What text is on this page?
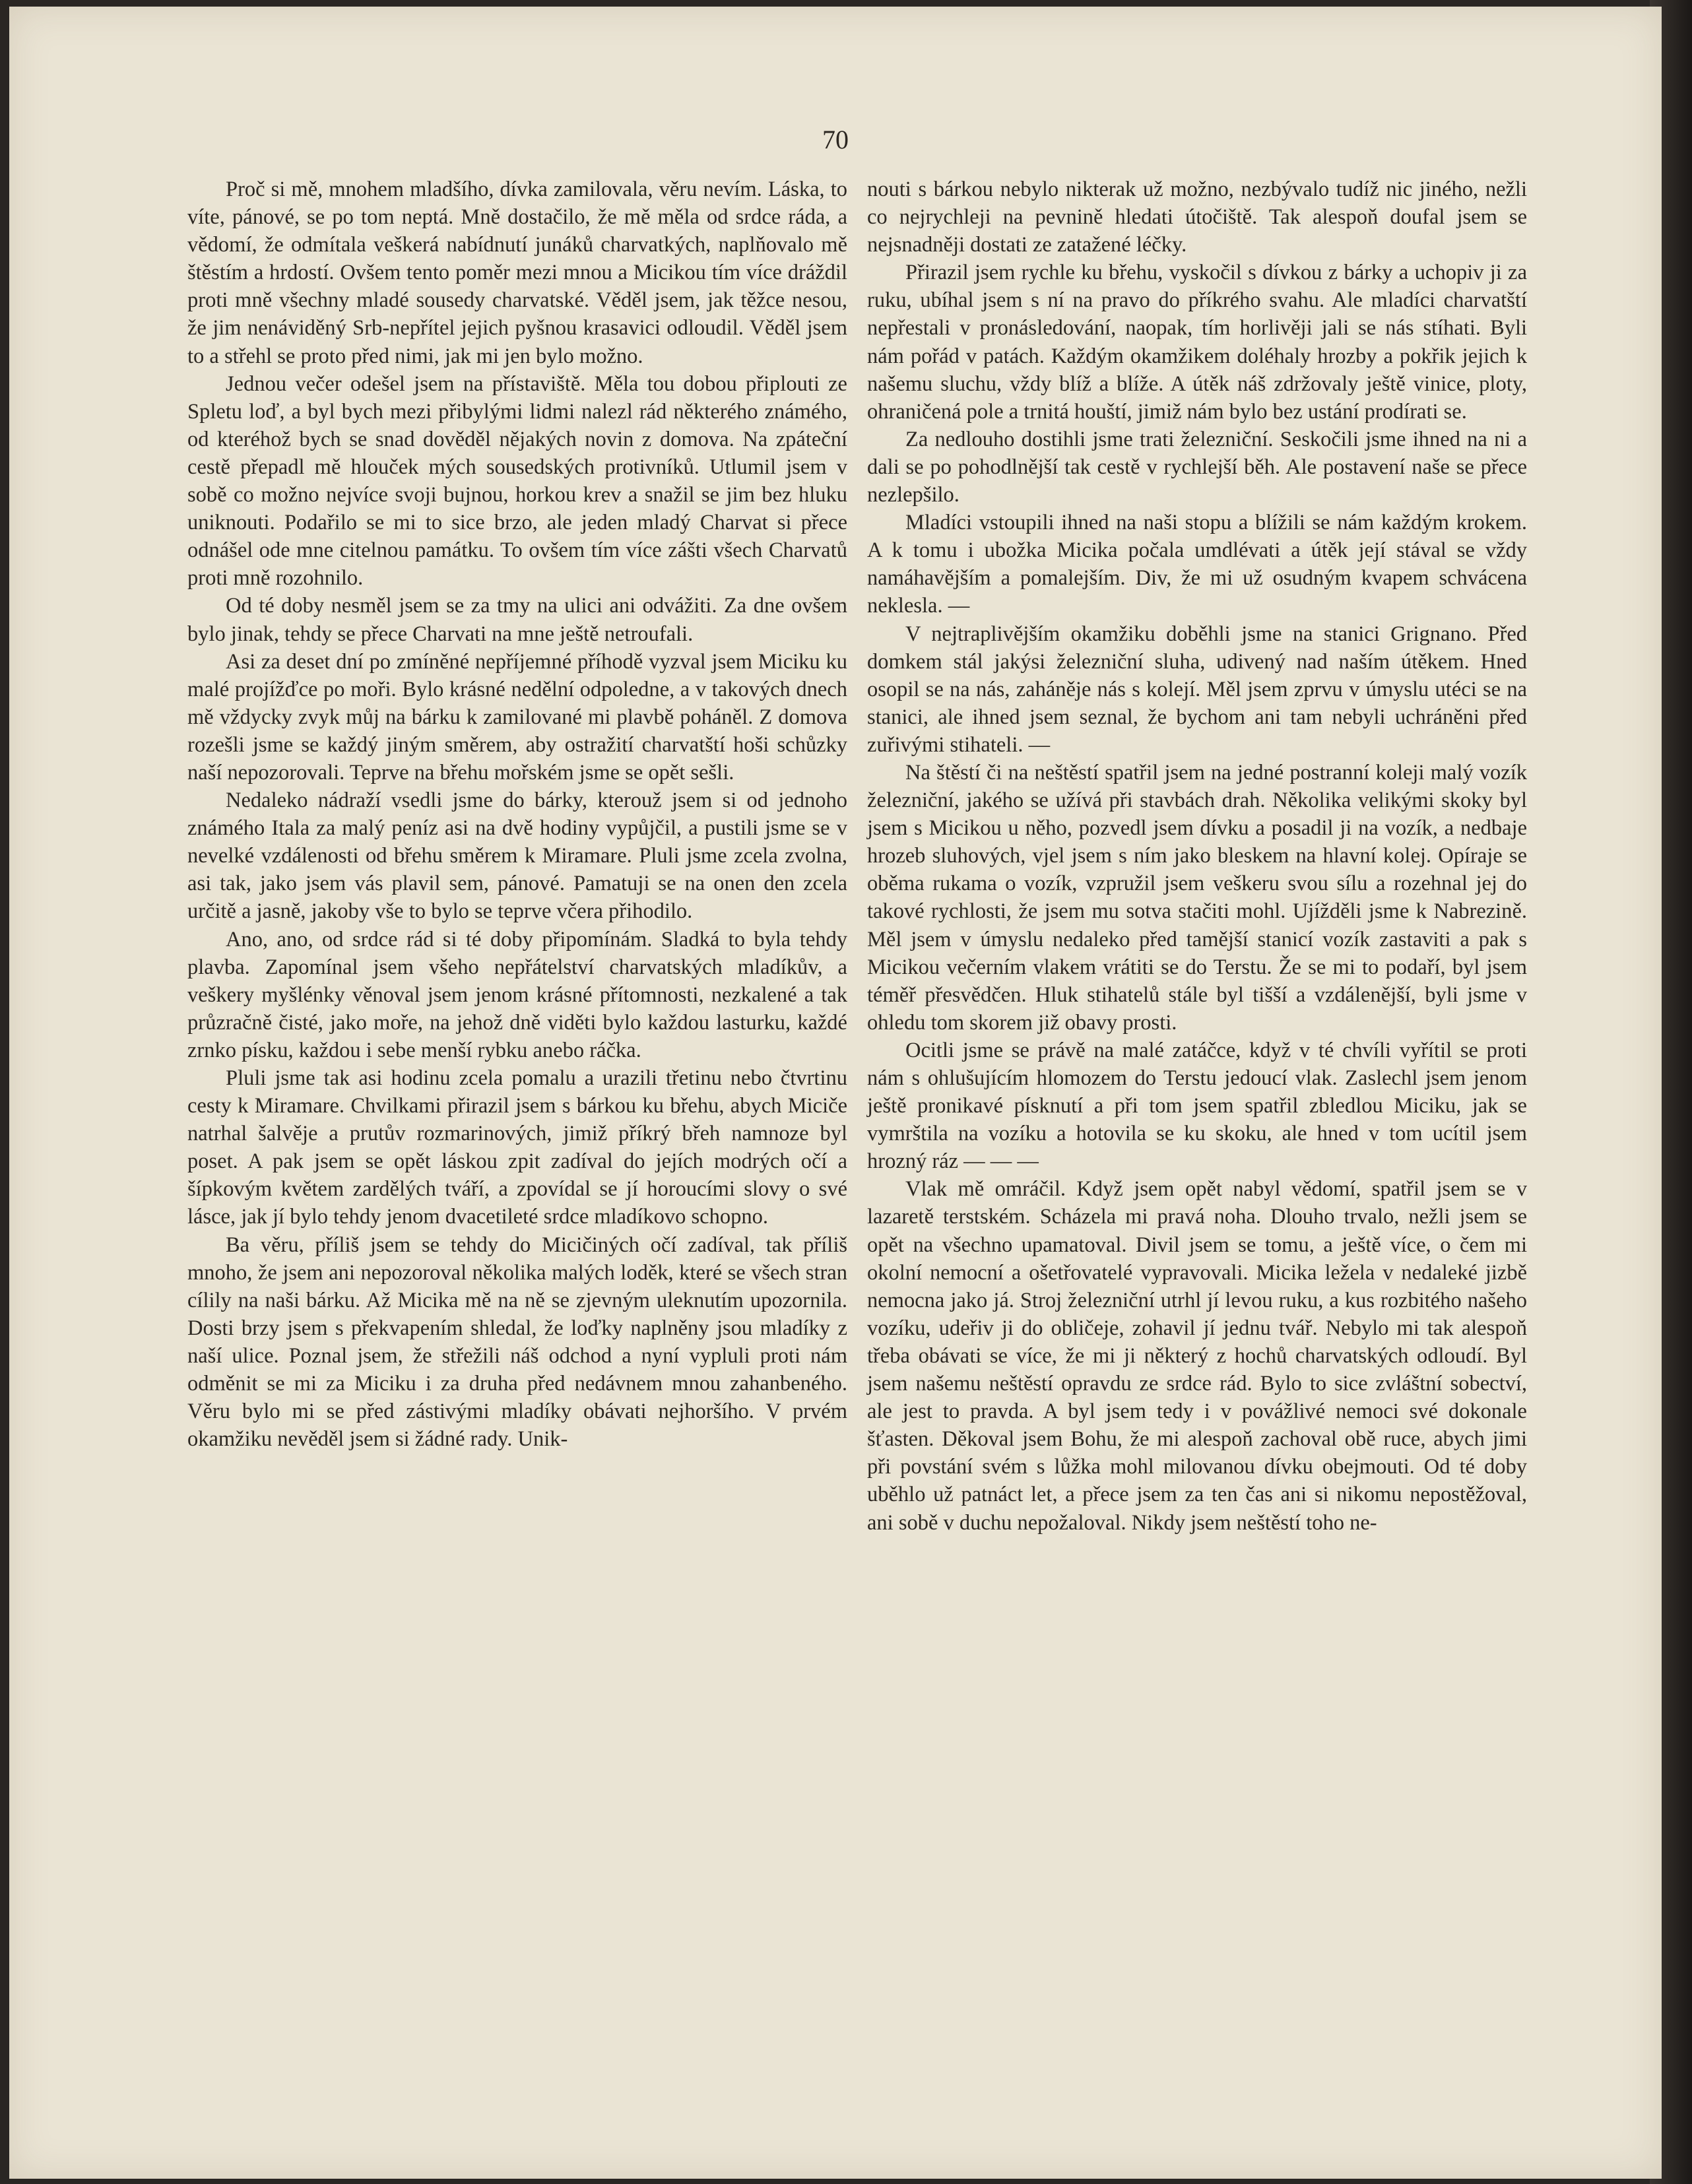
70

Proč si mě, mnohem mladšího, dívka zamilovala, věru nevím. Láska, to víte, pánové, se po tom neptá. Mně dostačilo, že mě měla od srdce ráda, a vědomí, že odmítala veškerá nabídnutí junáků charvatkých, naplňovalo mě štěstím a hrdostí. Ovšem tento poměr mezi mnou a Micikou tím více dráždil proti mně všechny mladé sousedy charvatské. Věděl jsem, jak těžce nesou, že jim nenáviděný Srb-nepřítel jejich pyšnou krasavici odloudil. Věděl jsem to a střehl se proto před nimi, jak mi jen bylo možno.

Jednou večer odešel jsem na přístaviště. Měla tou dobou připlouti ze Spletu loď, a byl bych mezi přibylými lidmi nalezl rád některého známého, od kteréhož bych se snad dověděl nějakých novin z domova. Na zpáteční cestě přepadl mě hlouček mých sousedských protivníků. Utlumil jsem v sobě co možno nejvíce svoji bujnou, horkou krev a snažil se jim bez hluku uniknouti. Podařilo se mi to sice brzo, ale jeden mladý Charvat si přece odnášel ode mne citelnou památku. To ovšem tím více zášti všech Charvatů proti mně rozohnilo.

Od té doby nesměl jsem se za tmy na ulici ani odvážiti. Za dne ovšem bylo jinak, tehdy se přece Charvati na mne ještě netroufali.

Asi za deset dní po zmíněné nepříjemné příhodě vyzval jsem Miciku ku malé projížďce po moři. Bylo krásné nedělní odpoledne, a v takových dnech mě vždycky zvyk můj na bárku k zamilované mi plavbě poháněl. Z domova rozešli jsme se každý jiným směrem, aby ostražití charvatští hoši schůzky naší nepozorovali. Teprve na břehu mořském jsme se opět sešli.

Nedaleko nádraží vsedli jsme do bárky, kterouž jsem si od jednoho známého Itala za malý peníz asi na dvě hodiny vypůjčil, a pustili jsme se v nevelké vzdálenosti od břehu směrem k Miramare. Pluli jsme zcela zvolna, asi tak, jako jsem vás plavil sem, pánové. Pamatuji se na onen den zcela určitě a jasně, jakoby vše to bylo se teprve včera přihodilo.

Ano, ano, od srdce rád si té doby připomínám. Sladká to byla tehdy plavba. Zapomínal jsem všeho nepřátelství charvatských mladíkův, a veškery myšlénky věnoval jsem jenom krásné přítomnosti, nezkalené a tak průzračně čisté, jako moře, na jehož dně viděti bylo každou lasturku, každé zrnko písku, každou i sebe menší rybku anebo ráčka.

Pluli jsme tak asi hodinu zcela pomalu a urazili třetinu nebo čtvrtinu cesty k Miramare. Chvilkami přirazil jsem s bárkou ku břehu, abych Miciče natrhal šalvěje a prutův rozmarinových, jimiž příkrý břeh namnoze byl poset. A pak jsem se opět láskou zpit zadíval do jejích modrých očí a šípkovým květem zardělých tváří, a zpovídal se jí horoucími slovy o své lásce, jak jí bylo tehdy jenom dvacetileté srdce mladíkovo schopno.

Ba věru, příliš jsem se tehdy do Micičiných očí zadíval, tak příliš mnoho, že jsem ani nepozoroval několika malých loděk, které se všech stran cílily na naši bárku. Až Micika mě na ně se zjevným uleknutím upozornila. Dosti brzy jsem s překvapením shledal, že loďky naplněny jsou mladíky z naší ulice. Poznal jsem, že střežili náš odchod a nyní vypluli proti nám odměnit se mi za Miciku i za druha před nedávnem mnou zahanbeného. Věru bylo mi se před zástivými mladíky obávati nejhoršího. V prvém okamžiku nevěděl jsem si žádné rady. Unik-

nouti s bárkou nebylo nikterak už možno, nezbývalo tudíž nic jiného, nežli co nejrychleji na pevnině hledati útočiště. Tak alespoň doufal jsem se nejsnadněji dostati ze zatažené léčky.

Přirazil jsem rychle ku břehu, vyskočil s dívkou z bárky a uchopiv ji za ruku, ubíhal jsem s ní na pravo do příkrého svahu. Ale mladíci charvatští nepřestali v pronásledování, naopak, tím horlivěji jali se nás stíhati. Byli nám pořád v patách. Každým okamžikem doléhaly hrozby a pokřik jejich k našemu sluchu, vždy blíž a blíže. A útěk náš zdržovaly ještě vinice, ploty, ohraničená pole a trnitá houští, jimiž nám bylo bez ustání prodírati se.

Za nedlouho dostihli jsme trati železniční. Seskočili jsme ihned na ni a dali se po pohodlnější tak cestě v rychlejší běh. Ale postavení naše se přece nezlepšilo.

Mladíci vstoupili ihned na naši stopu a blížili se nám každým krokem. A k tomu i ubožka Micika počala umdlévati a útěk její stával se vždy namáhavějším a pomalejším. Div, že mi už osudným kvapem schvácena neklesla. —

V nejtraplivějším okamžiku doběhli jsme na stanici Grignano. Před domkem stál jakýsi železniční sluha, udivený nad naším útěkem. Hned osopil se na nás, zaháněje nás s kolejí. Měl jsem zprvu v úmyslu utéci se na stanici, ale ihned jsem seznal, že bychom ani tam nebyli uchráněni před zuřivými stihateli. —

Na štěstí či na neštěstí spatřil jsem na jedné postranní koleji malý vozík železniční, jakého se užívá při stavbách drah. Několika velikými skoky byl jsem s Micikou u něho, pozvedl jsem dívku a posadil ji na vozík, a nedbaje hrozeb sluhových, vjel jsem s ním jako bleskem na hlavní kolej. Opíraje se oběma rukama o vozík, vzpružil jsem veškeru svou sílu a rozehnal jej do takové rychlosti, že jsem mu sotva stačiti mohl. Ujížděli jsme k Nabrezině. Měl jsem v úmyslu nedaleko před tamější stanicí vozík zastaviti a pak s Micikou večerním vlakem vrátiti se do Terstu. Že se mi to podaří, byl jsem téměř přesvědčen. Hluk stihatelů stále byl tišší a vzdálenější, byli jsme v ohledu tom skorem již obavy prosti.

Ocitli jsme se právě na malé zatáčce, když v té chvíli vyřítil se proti nám s ohlušujícím hlomozem do Terstu jedoucí vlak. Zaslechl jsem jenom ještě pronikavé písknutí a při tom jsem spatřil zbledlou Miciku, jak se vymrštila na vozíku a hotovila se ku skoku, ale hned v tom ucítil jsem hrozný ráz — — —

Vlak mě omráčil. Když jsem opět nabyl vědomí, spatřil jsem se v lazaretě terstském. Scházela mi pravá noha. Dlouho trvalo, nežli jsem se opět na všechno upamatoval. Divil jsem se tomu, a ještě více, o čem mi okolní nemocní a ošetřovatelé vypravovali. Micika ležela v nedaleké jizbě nemocna jako já. Stroj železniční utrhl jí levou ruku, a kus rozbitého našeho vozíku, udeřiv ji do obličeje, zohavil jí jednu tvář. Nebylo mi tak alespoň třeba obávati se více, že mi ji některý z hochů charvatských odloudí. Byl jsem našemu neštěstí opravdu ze srdce rád. Bylo to sice zvláštní sobectví, ale jest to pravda. A byl jsem tedy i v povážlivé nemoci své dokonale šťasten. Děkoval jsem Bohu, že mi alespoň zachoval obě ruce, abych jimi při povstání svém s lůžka mohl milovanou dívku obejmouti. Od té doby uběhlo už patnáct let, a přece jsem za ten čas ani si nikomu nepostěžoval, ani sobě v duchu nepožaloval. Nikdy jsem neštěstí toho ne-
